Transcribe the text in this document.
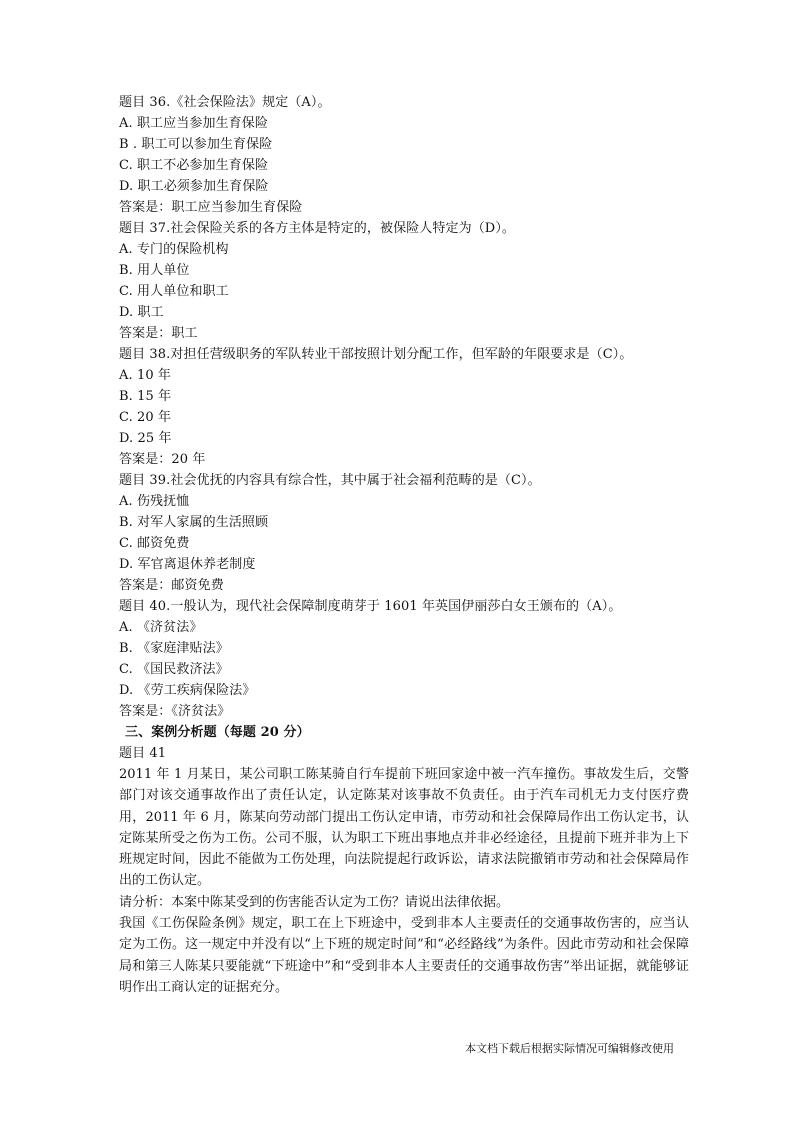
题目 36.《社会保险法》规定（A）。
A. 职工应当参加生育保险
B . 职工可以参加生育保险
C. 职工不必参加生育保险
D. 职工必须参加生育保险
答案是：职工应当参加生育保险
题目 37.社会保险关系的各方主体是特定的，被保险人特定为（D）。
A. 专门的保险机构
B. 用人单位
C. 用人单位和职工
D. 职工
答案是：职工
题目 38.对担任营级职务的军队转业干部按照计划分配工作，但军龄的年限要求是（C）。
A. 10 年
B. 15 年
C. 20 年
D. 25 年
答案是：20 年
题目 39.社会优抚的内容具有综合性，其中属于社会福利范畴的是（C）。
A. 伤残抚恤
B. 对军人家属的生活照顾
C. 邮资免费
D. 军官离退休养老制度
答案是：邮资免费
题目 40.一般认为，现代社会保障制度萌芽于 1601 年英国伊丽莎白女王颁布的（A）。
A. 《济贫法》
B. 《家庭津贴法》
C. 《国民救济法》
D. 《劳工疾病保险法》
答案是：《济贫法》
三、案例分析题（每题 20 分）
题目 41

2011 年 1 月某日，某公司职工陈某骑自行车提前下班回家途中被一汽车撞伤。事故发生后，交警部门对该交通事故作出了责任认定，认定陈某对该事故不负责任。由于汽车司机无力支付医疗费用，2011 年 6 月，陈某向劳动部门提出工伤认定申请，市劳动和社会保障局作出工伤认定书，认定陈某所受之伤为工伤。公司不服，认为职工下班出事地点并非必经途径，且提前下班并非为上下班规定时间，因此不能做为工伤处理，向法院提起行政诉讼，请求法院撤销市劳动和社会保障局作出的工伤认定。

请分析：本案中陈某受到的伤害能否认定为工伤？请说出法律依据。

我国《工伤保险条例》规定，职工在上下班途中，受到非本人主要责任的交通事故伤害的，应当认定为工伤。这一规定中并没有以“上下班的规定时间”和“必经路线”为条件。因此市劳动和社会保障局和第三人陈某只要能就“下班途中”和“受到非本人主要责任的交通事故伤害”举出证据，就能够证明作出工商认定的证据充分。

本文档下载后根据实际情况可编辑修改使用
